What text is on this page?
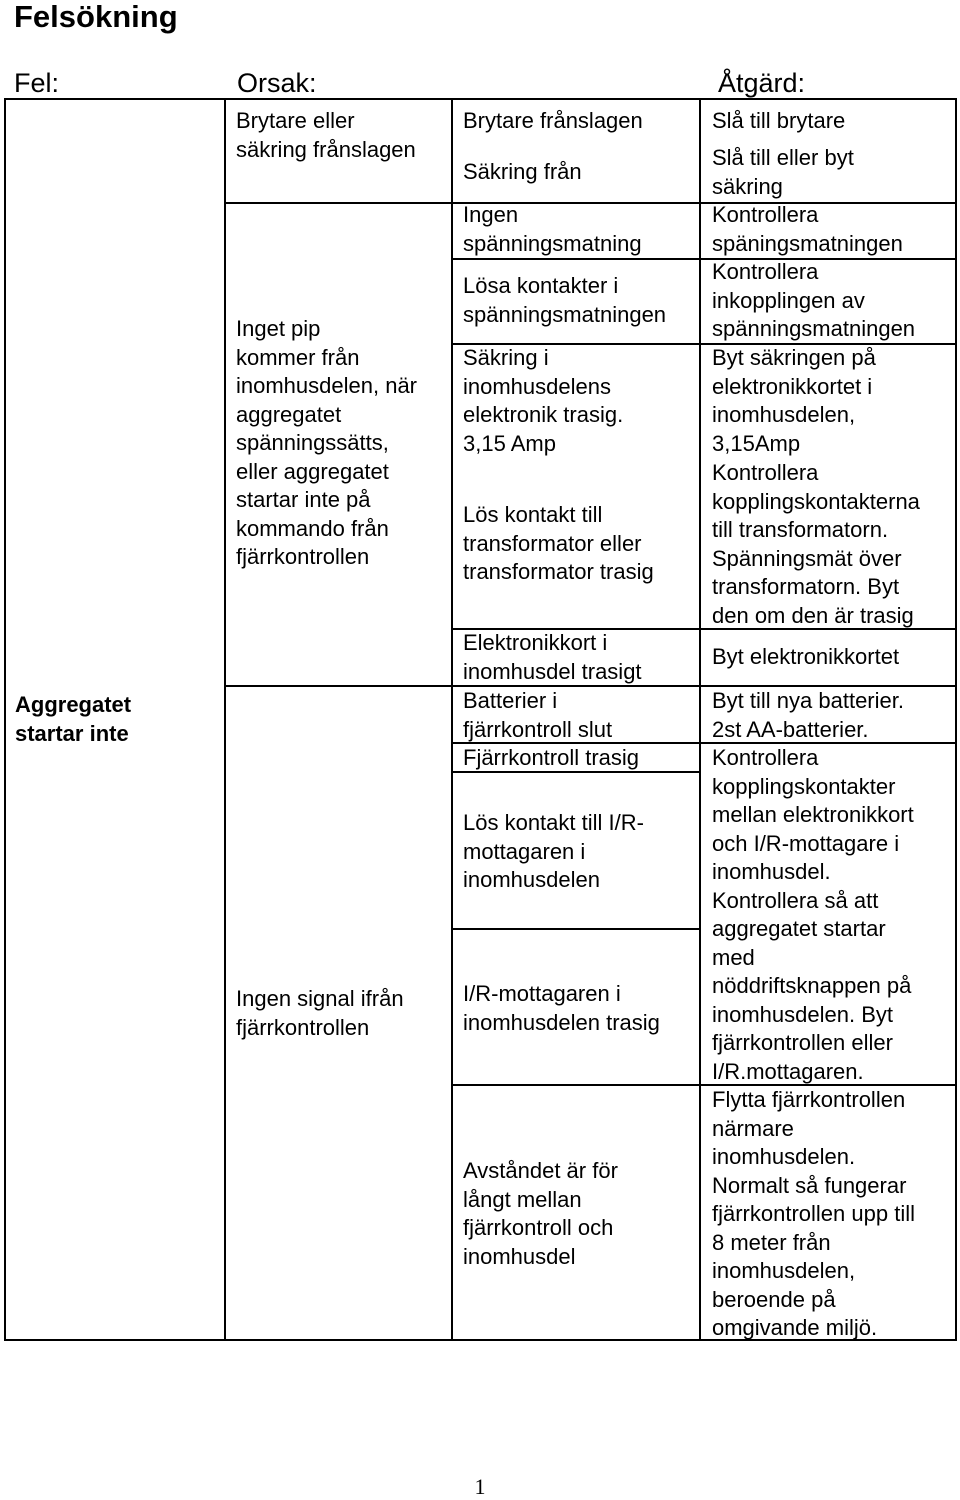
Felsökning
Fel:	Orsak:	Åtgärd:
Aggregatet
startar inte
Brytare eller
säkring frånslagen
Inget pip
kommer från
inomhusdelen, när
aggregatet
spänningssätts,
eller aggregatet
startar inte på
kommando från
fjärrkontrollen
Ingen signal ifrån
fjärrkontrollen
Brytare frånslagen
Säkring från
Ingen
spänningsmatning
Lösa kontakter i
spänningsmatningen
Säkring i
inomhusdelens
elektronik trasig.
3,15 Amp
Lös kontakt till
transformator eller
transformator trasig
Elektronikkort i
inomhusdel trasigt
Batterier i
fjärrkontroll slut
Fjärrkontroll trasig
Lös kontakt till I/R-
mottagaren i
inomhusdelen
I/R-mottagaren i
inomhusdelen trasig
Avståndet är för
långt mellan
fjärrkontroll och
inomhusdel
Slå till brytare
Slå till eller byt
säkring
Kontrollera
späningsmatningen
Kontrollera
inkopplingen av
spänningsmatningen
Byt säkringen på
elektronikkortet i
inomhusdelen,
3,15Amp
Kontrollera
kopplingskontakterna
till transformatorn.
Spänningsmät över
transformatorn. Byt
den om den är trasig
Byt elektronikkortet
Byt till nya batterier.
2st AA-batterier.
Kontrollera
kopplingskontakter
mellan elektronikkort
och I/R-mottagare i
inomhusdel.
Kontrollera så att
aggregatet startar
med
nöddriftsknappen på
inomhusdelen. Byt
fjärrkontrollen eller
I/R.mottagaren.
Flytta fjärrkontrollen
närmare
inomhusdelen.
Normalt så fungerar
fjärrkontrollen upp till
8 meter från
inomhusdelen,
beroende på
omgivande miljö.
1
